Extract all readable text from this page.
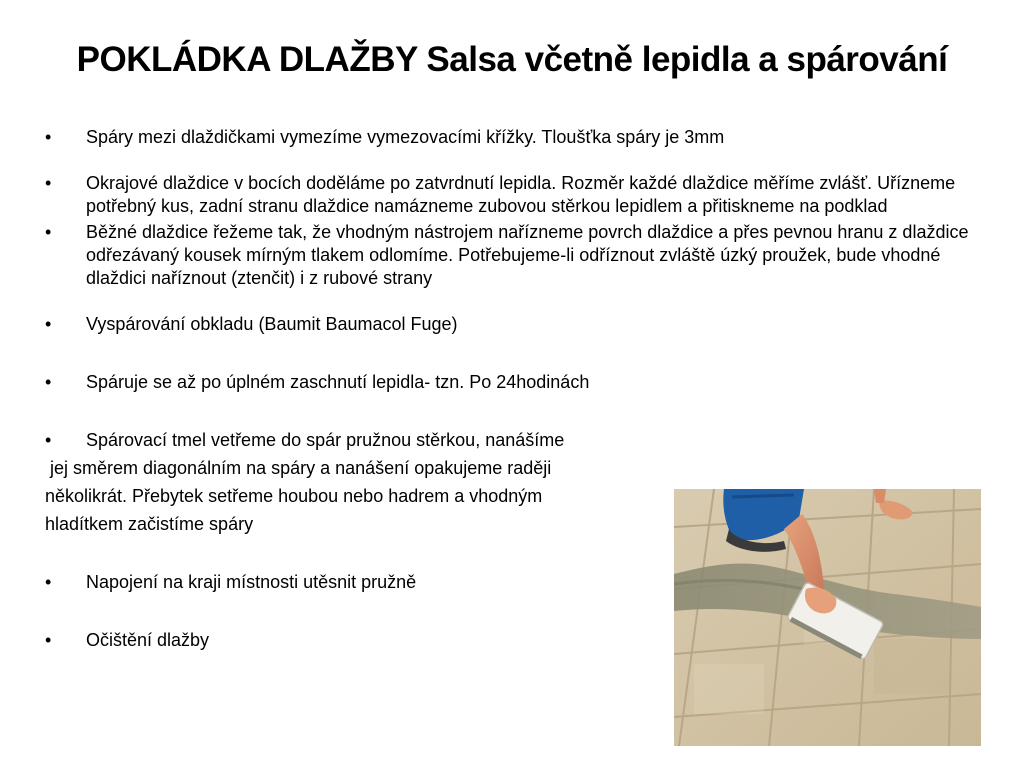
POKLÁDKA DLAŽBY Salsa včetně lepidla a spárování
•	Spáry mezi dlaždičkami vymezíme vymezovacími křížky. Tloušťka spáry je 3mm
•	Okrajové dlaždice v bocích doděláme po zatvrdnutí lepidla. Rozměr každé dlaždice měříme zvlášť. Uřízneme potřebný kus, zadní stranu dlaždice namázneme zubovou stěrkou lepidlem a přitiskneme na podklad
•	Běžné dlaždice řežeme tak, že vhodným nástrojem nařízneme povrch dlaždice a přes pevnou hranu z dlaždice odřezávaný kousek mírným tlakem odlomíme. Potřebujeme-li odříznout zvláště úzký proužek, bude vhodné dlaždici naříznout (ztenčit) i z rubové strany
•	Vyspárování obkladu (Baumit Baumacol Fuge)
•	Spáruje se až po úplném zaschnutí lepidla- tzn. Po 24hodinách
•	Spárovací tmel vetřeme do spár pružnou stěrkou, nanášíme
jej směrem diagonálním na spáry a nanášení opakujeme raději
několikrát. Přebytek setřeme houbou nebo hadrem a vhodným
hladítkem začistíme spáry
•	Napojení na kraji místnosti utěsnit pružně
•	Očištění dlažby
